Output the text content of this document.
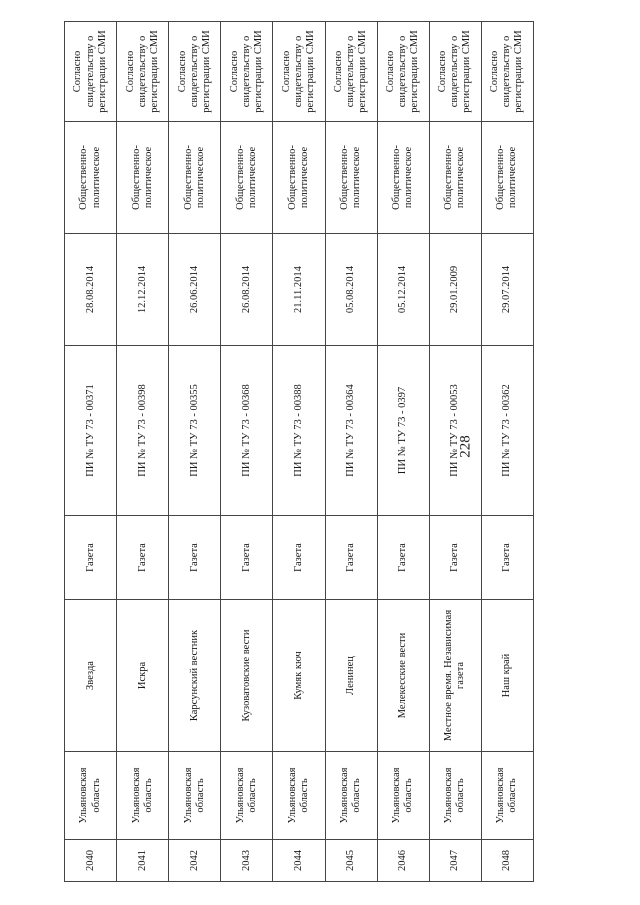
228
2040	Ульяновская область	Звезда	Газета	ПИ № ТУ 73 - 00371	28.08.2014	Общественно-политическое	Согласно свидетельству о регистрации СМИ
2041	Ульяновская область	Искра	Газета	ПИ № ТУ 73 - 00398	12.12.2014	Общественно-политическое	Согласно свидетельству о регистрации СМИ
2042	Ульяновская область	Карсунский вестник	Газета	ПИ № ТУ 73 - 00355	26.06.2014	Общественно-политическое	Согласно свидетельству о регистрации СМИ
2043	Ульяновская область	Кузоватовские вести	Газета	ПИ № ТУ 73 - 00368	26.08.2014	Общественно-политическое	Согласно свидетельству о регистрации СМИ
2044	Ульяновская область	Кумяк кюч	Газета	ПИ № ТУ 73 - 00388	21.11.2014	Общественно-политическое	Согласно свидетельству о регистрации СМИ
2045	Ульяновская область	Ленинец	Газета	ПИ № ТУ 73 - 00364	05.08.2014	Общественно-политическое	Согласно свидетельству о регистрации СМИ
2046	Ульяновская область	Мелекесские вести	Газета	ПИ № ТУ 73 - 0397	05.12.2014	Общественно-политическое	Согласно свидетельству о регистрации СМИ
2047	Ульяновская область	Местное время. Независимая газета	Газета	ПИ № ТУ 73 - 00053	29.01.2009	Общественно-политическое	Согласно свидетельству о регистрации СМИ
2048	Ульяновская область	Наш край	Газета	ПИ № ТУ 73 - 00362	29.07.2014	Общественно-политическое	Согласно свидетельству о регистрации СМИ
